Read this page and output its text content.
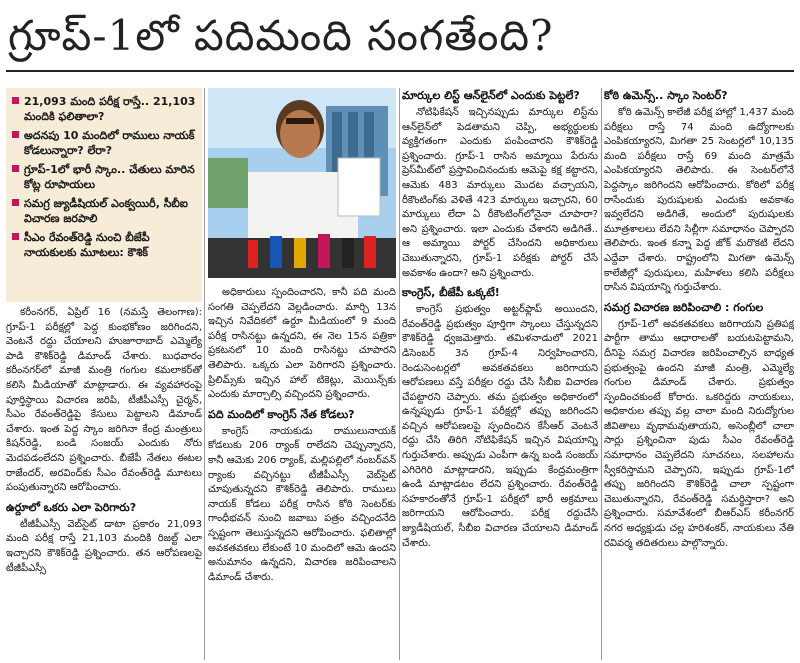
గ్రూప్-1లో పదిమంది సంగతేంది?
21,093 మంది పరీక్ష రాస్తే.. 21,103 మందికి ఫలితాలా?
అదనపు 10 మందిలో రాములు నాయక్ కోడలున్నారా? లేరా?
గ్రూప్-1లో భారీ స్కాం.. చేతులు మారిన కోట్ల రూపాయలు
సమగ్ర జ్యుడీషియల్ ఎంక్వయిరీ, సీబీఐ విచారణ జరపాలి
సీఎం రేవంత్‌రెడ్డి నుంచి బీజేపీ నాయకులకు మూటలు: కౌశిక్

కరీంనగర్, ఏప్రిల్ 16 (నమస్తే తెలంగాణ): గ్రూప్-1 పరీక్షల్లో పెద్ద కుంభకోణం జరిగిందని, వెంటనే రద్దు చేయాలని హుజూరాబాద్ ఎమ్మెల్యే పాడి కౌశిక్‌రెడ్డి డిమాండ్ చేశారు. బుధవారం కరీంనగర్‌లో మాజీ మంత్రి గంగుల కమలాకర్‌తో కలిసి మీడియాతో మాట్లాడారు. ఈ వ్యవహారంపై పూర్తిస్థాయి విచారణ జరిపి, టీజీపీఎస్సీ చైర్మన్, సీఎం రేవంత్‌రెడ్డిపై కేసులు పెట్టాలని డిమాండ్ చేశారు. ఇంత పెద్ద స్కాం జరిగినా కేంద్ర మంత్రులు కిషన్‌రెడ్డి, బండి సంజయ్ ఎందుకు నోరు మెదపడంలేదని ప్రశ్నించారు. బీజేపీ నేతలు ఈటల రాజేందర్, అరవింద్‌కు సీఎం రేవంత్‌రెడ్డి మూటలు పంపుతున్నారని ఆరోపించారు.

ఉర్దూలో ఒకరు ఎలా పెరిగారు?

టీజీపీఎస్సీ వెబ్‌సైట్ డాటా ప్రకారం 21,093 మంది పరీక్ష రాస్తే 21,103 మందికి రిజల్ట్ ఎలా ఇచ్చారని కౌశిక్‌రెడ్డి ప్రశ్నించారు. తన ఆరోపణలపై టీజీపీఎస్సీ

అధికారులు స్పందించారని, కానీ పది మంది సంగతి చెప్పలేదని వెల్లడించారు. మార్చి 13న ఇచ్చిన నివేదికలో ఉర్దూ మీడియంలో 9 మంది పరీక్ష రాసినట్టు ఉన్నదని, ఈ నెల 15న పత్రికా ప్రకటనలో 10 మంది రాసినట్టు చూపారని తెలిపారు. ఒక్కరు ఎలా పెరిగారని ప్రశ్నించారు. ప్రిలిమ్స్‌కు ఇచ్చిన హాల్ టికెట్లు, మెయిన్స్‌కు ఎందుకు మార్చాల్సి వచ్చిందని ప్రశ్నించారు.

పది మందిలో కాంగ్రెస్ నేత కోడలు?

కాంగ్రెస్ నాయకుడు రాములునాయక్ కోడలుకు 206 ర్యాంక్ రాలేదని చెప్పున్నారని, కానీ ఆమెకు 206 ర్యాంక్, మల్లిపల్లిలో నంబర్‌వన్ ర్యాంకు వచ్చినట్టు టీజీపీఎస్సీ వెబ్‌సైట్ చూపుతున్నదని కౌశిక్‌రెడ్డి తెలిపారు. రాములు నాయక్ కోడలు పరీక్ష రాసిన కోఠి సెంటర్‌కు గాంధీభవన్ నుంచి జవాబు పత్రం వచ్చిందనేది స్పష్టంగా తెలుస్తున్నదని ఆరోపించారు. ఫలితాల్లో అవకతవకలు లేకుంటే 10 మందిలో ఆమె ఉందని అనుమానం ఉన్నదని, విచారణ జరిపించాలని డిమాండ్ చేశారు.

మార్కుల లిస్ట్ ఆన్‌లైన్‌లో ఎందుకు పెట్టలే?

నోటిఫికేషన్ ఇచ్చినప్పుడు మార్కుల లిస్ట్‌ను ఆన్‌లైన్‌లో పెడతామని చెప్పి, అభ్యర్థులకు వ్యక్తిగతంగా ఎందుకు పంపించారని కౌశిక్‌రెడ్డి ప్రశ్నించారు. గ్రూప్-1 రాసిన అమ్మాయి పేరును ప్రెస్‌మీట్‌లో ప్రస్తావించినందుకు ఆమెపై కక్ష కట్టారని, ఆమెకు 483 మార్కులు మొదట వచ్చాయని, రీకౌంటింగ్‌కు వెళితే 423 మార్కులు ఇచ్చారని, 60 మార్కులు లేదా ఏ రీకౌంటింగ్‌లోనైనా చూపారా? అని ప్రశ్నించారు. ఇలా ఎందుకు చేశారని అడిగితే.. ఆ అమ్మాయి పోర్టర్ చేసిందని అధికారులు చెబుతున్నారని, గ్రూప్-1 పరీక్షకు పోర్టర్ చేసే అవకాశం ఉందా? అని ప్రశ్నించారు.

కాంగ్రెస్, బీజేపీ ఒక్కటే!

కాంగ్రెస్ ప్రభుత్వం అట్టర్‌ఫ్లాప్ అయిందని, రేవంత్‌రెడ్డి ప్రభుత్వం పూర్తిగా స్కాంలు చేస్తున్నదని కౌశిక్‌రెడ్డి ధ్వజమెత్తారు. తమిళనాడులో 2021 డిసెంబర్ 3న గ్రూప్-4 నిర్వహించారని, రెండుసెంటర్లలో అవకతవకలు జరిగాయని ఆరోపణలు వస్తే పరీక్షల రద్దు చేసి సీబీఐ విచారణ చేపట్టారని చెప్పారు. తమ ప్రభుత్వం అధికారంలో ఉన్నప్పుడు గ్రూప్-1 పరీక్షల్లో తప్పు జరిగిందని వచ్చిన ఆరోపణలపై స్పందించిన కేసీఆర్ వెంటనే రద్దు చేసి తిరిగి నోటిఫికేషన్ ఇచ్చిన విషయాన్ని గుర్తుచేశారు. అప్పుడు ఎంపీగా ఉన్న బండి సంజయ్ ఎగిరెగిరి మాట్లాడారని, ఇప్పుడు కేంద్రమంత్రిగా ఉండి మాట్లాడటం లేదని ప్రశ్నించారు. రేవంత్‌రెడ్డి సహకారంతోనే గ్రూప్-1 పరీక్షలో భారీ అక్రమాలు జరిగాయని ఆరోపించారు. పరీక్ష రద్దుచేసి జ్యుడీషియల్, సీబీఐ విచారణ చేయాలని డిమాండ్ చేశారు.

కోఠి ఉమెన్స్.. స్కాం సెంటర్?

కోఠి ఉమెన్స్ కాలేజీ పరీక్ష హాల్లో 1,437 మంది పరీక్షలు రాస్తే 74 మంది ఉద్యోగాలకు ఎంపికయ్యారని, మిగతా 25 సెంటర్లలో 10,135 మంది పరీక్షలు రాస్తే 69 మంది మాత్రమే ఎంపికయ్యారని తెలిపారు. ఈ సెంటర్‌లోనే పెద్దస్కాం జరిగిందని ఆరోపించారు. కోఠిలో పరీక్ష రాసేందుకు పురుషులకు ఎందుకు అవకాశం ఇవ్వలేదని అడిగితే, అందులో పురుషులకు మూత్రశాలలు లేవని సిల్లీగా సమాధానం చెప్పారని తెలిపారు. ఇంత కన్నా పెద్ద జోక్ మరొకటి లేదని ఎద్దేవా చేశారు. రాష్ట్రంలోని మిగతా ఉమెన్స్ కాలేజీల్లో పురుషులు, మహిళలు కలిసి పరీక్షలు రాసిన విషయాన్ని గుర్తుచేశారు.

సమగ్ర విచారణ జరిపించాలి : గంగుల

గ్రూప్-1లో అవకతవకలు జరిగాయని ప్రతిపక్ష పార్టీగా తాము ఆధారాలతో బయటపెట్టామని, దీనిపై సమగ్ర విచారణ జరిపించాల్సిన బాధ్యత ప్రభుత్వంపై ఉందని మాజీ మంత్రి, ఎమ్మెల్యే గంగుల డిమాండ్ చేశారు. ప్రభుత్వం స్పందించకుంటే కోరారు. ఒకరిద్దరు నాయకులు, అధికారుల తప్పు వల్ల చాలా మంది నిరుద్యోగుల జీవితాలు వృథామవుతాయని, అసెంబ్లీలో చాలా సార్లు ప్రశ్నించినా పుడు సీఎం రేవంత్‌రెడ్డి సమాధానం చెప్పలేదని సూచనలు, సలహాలను స్వీకరిస్తామని చెప్పారని, ఇప్పుడు గ్రూప్-1లో తప్పు జరిగిందని కౌశిక్‌రెడ్డి చాలా స్పష్టంగా చెబుతున్నారని, రేవంత్‌రెడ్డి సమర్థిస్తారా? అని ప్రశ్నించారు. సమావేశంలో బీఆర్ఎస్ కరీంనగర్ నగర అధ్యక్షుడు చల్ల హరిశంకర్, నాయకులు నేతి రవివర్మ తదితరులు పాల్గొన్నారు.
